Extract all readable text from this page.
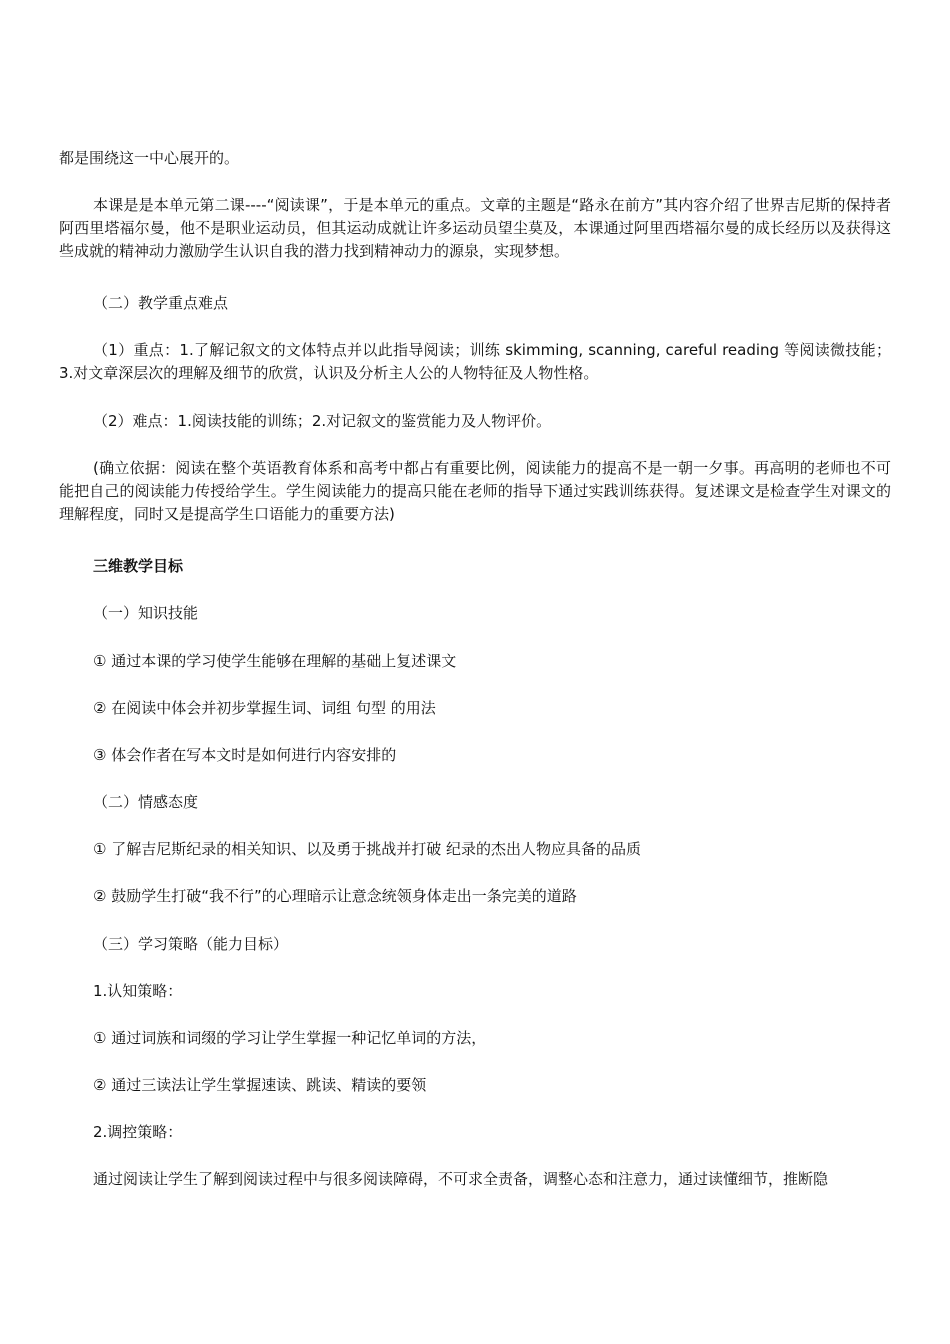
都是围绕这一中心展开的。

本课是是本单元第二课----“阅读课”，于是本单元的重点。文章的主题是“路永在前方”其内容介绍了世界吉尼斯的保持者阿西里塔福尔曼，他不是职业运动员，但其运动成就让许多运动员望尘莫及，本课通过阿里西塔福尔曼的成长经历以及获得这些成就的精神动力激励学生认识自我的潜力找到精神动力的源泉，实现梦想。

（二）教学重点难点

（1）重点：1.了解记叙文的文体特点并以此指导阅读；训练 skimming, scanning, careful reading 等阅读微技能；3.对文章深层次的理解及细节的欣赏，认识及分析主人公的人物特征及人物性格。

（2）难点：1.阅读技能的训练；2.对记叙文的鉴赏能力及人物评价。

(确立依据：阅读在整个英语教育体系和高考中都占有重要比例，阅读能力的提高不是一朝一夕事。再高明的老师也不可能把自己的阅读能力传授给学生。学生阅读能力的提高只能在老师的指导下通过实践训练获得。复述课文是检查学生对课文的理解程度，同时又是提高学生口语能力的重要方法)

三维教学目标

（一）知识技能

① 通过本课的学习使学生能够在理解的基础上复述课文

② 在阅读中体会并初步掌握生词、词组 句型 的用法

③ 体会作者在写本文时是如何进行内容安排的

（二）情感态度

① 了解吉尼斯纪录的相关知识、以及勇于挑战并打破 纪录的杰出人物应具备的品质

② 鼓励学生打破“我不行”的心理暗示让意念统领身体走出一条完美的道路

（三）学习策略（能力目标）

1.认知策略：

① 通过词族和词缀的学习让学生掌握一种记忆单词的方法，

② 通过三读法让学生掌握速读、跳读、精读的要领

2.调控策略：

通过阅读让学生了解到阅读过程中与很多阅读障碍，不可求全责备，调整心态和注意力，通过读懂细节，推断隐
